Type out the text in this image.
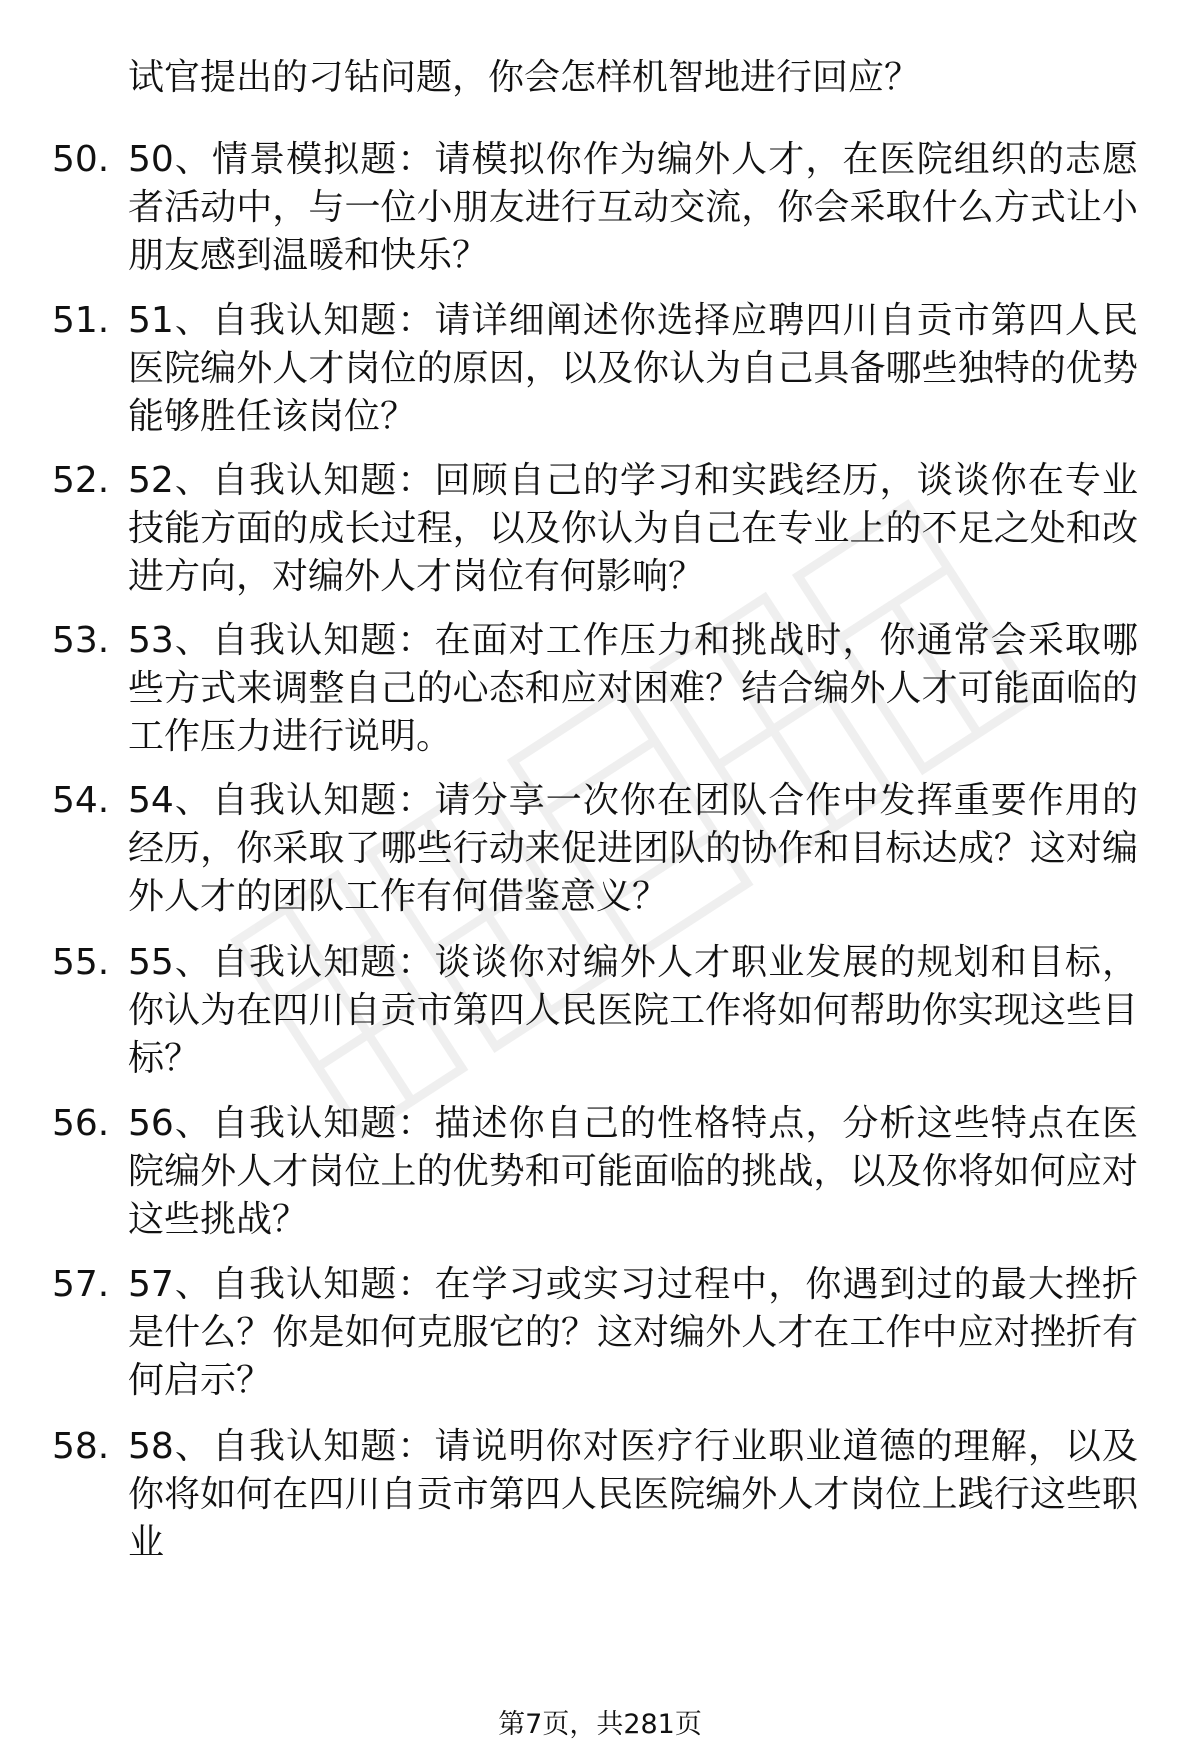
试官提出的刁钻问题，你会怎样机智地进行回应？
50. 50、情景模拟题：请模拟你作为编外人才，在医院组织的志愿者活动中，与一位小朋友进行互动交流，你会采取什么方式让小朋友感到温暖和快乐？
51. 51、自我认知题：请详细阐述你选择应聘四川自贡市第四人民医院编外人才岗位的原因，以及你认为自己具备哪些独特的优势能够胜任该岗位？
52. 52、自我认知题：回顾自己的学习和实践经历，谈谈你在专业技能方面的成长过程，以及你认为自己在专业上的不足之处和改进方向，对编外人才岗位有何影响？
53. 53、自我认知题：在面对工作压力和挑战时，你通常会采取哪些方式来调整自己的心态和应对困难？结合编外人才可能面临的工作压力进行说明。
54. 54、自我认知题：请分享一次你在团队合作中发挥重要作用的经历，你采取了哪些行动来促进团队的协作和目标达成？这对编外人才的团队工作有何借鉴意义？
55. 55、自我认知题：谈谈你对编外人才职业发展的规划和目标，你认为在四川自贡市第四人民医院工作将如何帮助你实现这些目标？
56. 56、自我认知题：描述你自己的性格特点，分析这些特点在医院编外人才岗位上的优势和可能面临的挑战，以及你将如何应对这些挑战？
57. 57、自我认知题：在学习或实习过程中，你遇到过的最大挫折是什么？你是如何克服它的？这对编外人才在工作中应对挫折有何启示？
58. 58、自我认知题：请说明你对医疗行业职业道德的理解，以及你将如何在四川自贡市第四人民医院编外人才岗位上践行这些职业
第7页，共281页
